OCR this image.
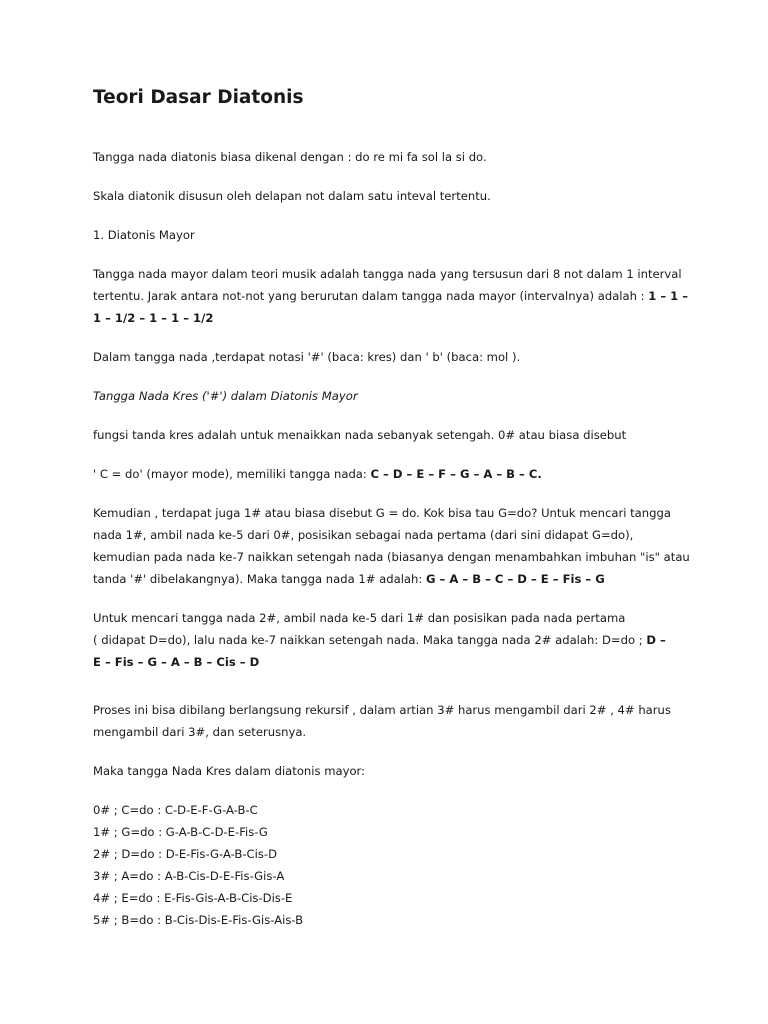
Teori Dasar Diatonis

Tangga nada diatonis biasa dikenal dengan : do re mi fa sol la si do.

Skala diatonik disusun oleh delapan not dalam satu inteval tertentu.

1. Diatonis Mayor

Tangga nada mayor dalam teori musik adalah tangga nada yang tersusun dari 8 not dalam 1 interval tertentu. Jarak antara not-not yang berurutan dalam tangga nada mayor (intervalnya) adalah : 1 – 1 – 1 – 1/2 – 1 – 1 – 1/2

Dalam tangga nada ,terdapat notasi '#' (baca: kres) dan ' b' (baca: mol ).

Tangga Nada Kres ('#') dalam Diatonis Mayor

fungsi tanda kres adalah untuk menaikkan nada sebanyak setengah. 0# atau biasa disebut

' C = do' (mayor mode), memiliki tangga nada: C – D – E – F – G – A – B – C.

Kemudian , terdapat juga 1# atau biasa disebut G = do. Kok bisa tau G=do? Untuk mencari tangga nada 1#, ambil nada ke-5 dari 0#, posisikan sebagai nada pertama (dari sini didapat G=do), kemudian pada nada ke-7 naikkan setengah nada (biasanya dengan menambahkan imbuhan "is" atau tanda '#' dibelakangnya). Maka tangga nada 1# adalah: G – A – B – C – D – E – Fis – G

Untuk mencari tangga nada 2#, ambil nada ke-5 dari 1# dan posisikan pada nada pertama
( didapat D=do), lalu nada ke-7 naikkan setengah nada. Maka tangga nada 2# adalah: D=do ; D –
E – Fis – G – A – B – Cis – D

Proses ini bisa dibilang berlangsung rekursif , dalam artian 3# harus mengambil dari 2# , 4# harus mengambil dari 3#, dan seterusnya.

Maka tangga Nada Kres dalam diatonis mayor:

0# ; C=do : C-D-E-F-G-A-B-C
1# ; G=do : G-A-B-C-D-E-Fis-G
2# ; D=do : D-E-Fis-G-A-B-Cis-D
3# ; A=do : A-B-Cis-D-E-Fis-Gis-A
4# ; E=do : E-Fis-Gis-A-B-Cis-Dis-E
5# ; B=do : B-Cis-Dis-E-Fis-Gis-Ais-B
